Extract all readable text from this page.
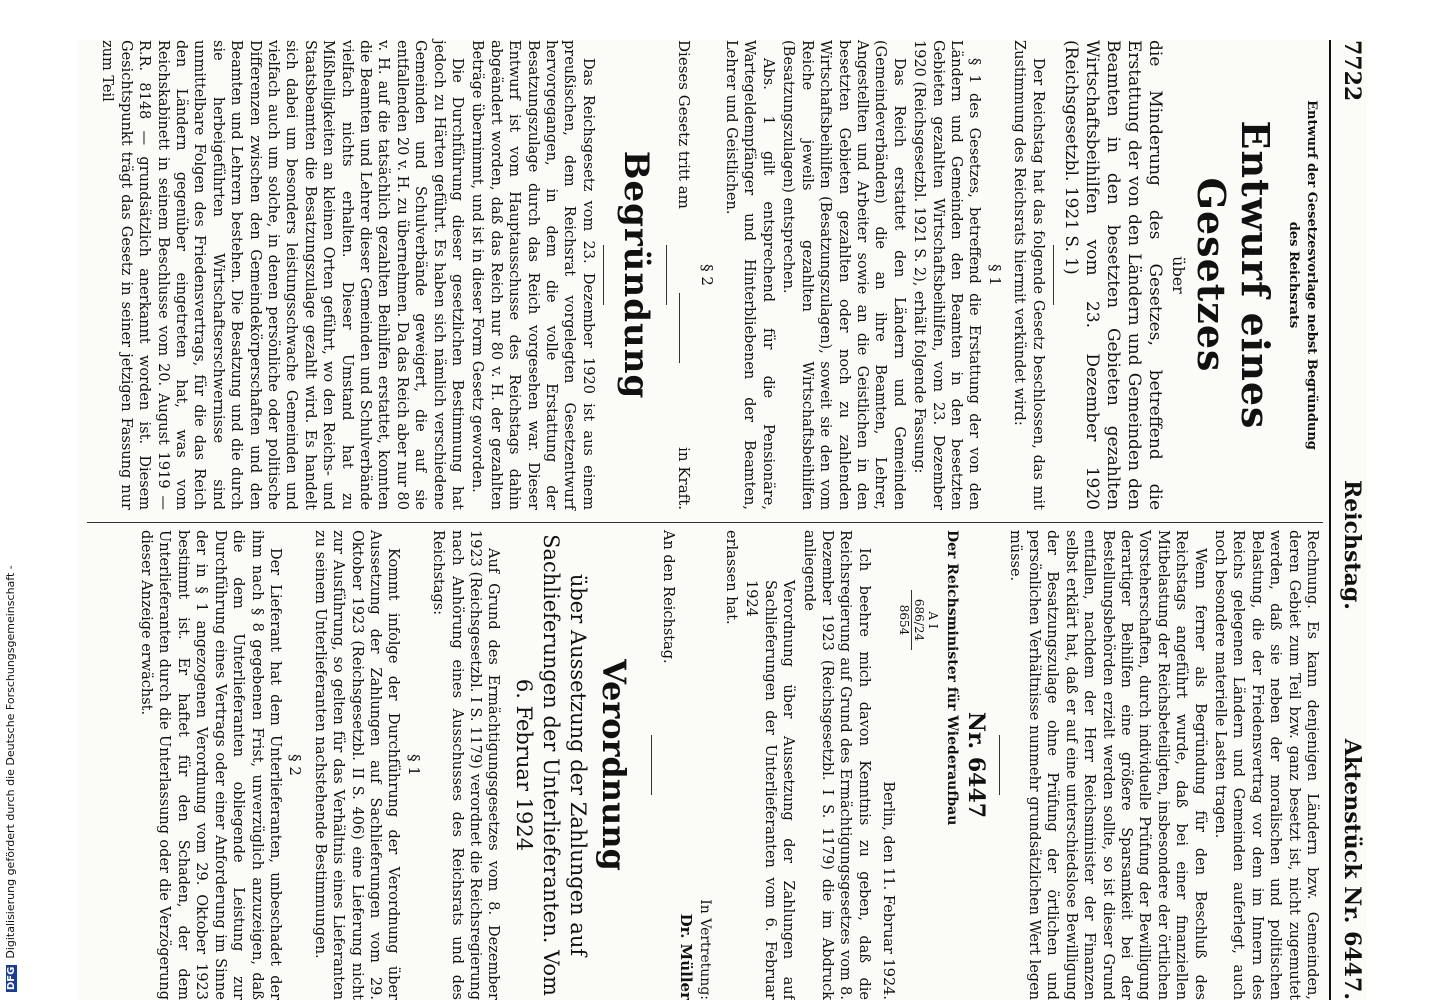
7722
Reichstag.
Aktenstück Nr. 6447.
Entwurf der Gesetzesvorlage nebst Begründung
des Reichsrats
Entwurf eines Gesetzes
über
die Minderung des Gesetzes, betreffend die Erstattung der von den Ländern und Gemeinden den Beamten in den besetzten Gebieten gezahlten Wirtschaftsbeihilfen vom 23. Dezember 1920 (Reichsgesetzbl. 1921 S. 1)

Der Reichstag hat das folgende Gesetz beschlossen, das mit Zustimmung des Reichsrats hiermit verkündet wird:

§ 1

§ 1 des Gesetzes, betreffend die Erstattung der von den Ländern und Gemeinden den Beamten in den besetzten Gebieten gezahlten Wirtschaftsbeihilfen, vom 23. Dezember 1920 (Reichsgesetzbl. 1921 S. 2), erhält folgende Fassung:

Das Reich erstattet den Ländern und Gemeinden (Gemeindeverbänden) die an ihre Beamten, Lehrer, Angestellten und Arbeiter sowie an die Geistlichen in den besetzten Gebieten gezahlten oder noch zu zahlenden Wirtschaftsbeihilfen (Besatzungszulagen), soweit sie den vom Reiche jeweils gezahlten Wirtschaftsbeihilfen (Besatzungszulagen) entsprechen.

Abs. 1 gilt entsprechend für die Pensionäre, Wartegeldempfänger und Hinterbliebenen der Beamten, Lehrer und Geistlichen.

§ 2
Dieses Gesetz tritt am
in Kraft.
Begründung

Das Reichsgesetz vom 23. Dezember 1920 ist aus einem preußischen, dem Reichsrat vorgelegten Gesetzentwurf hervorgegangen, in dem die volle Erstattung der Besatzungszulage durch das Reich vorgesehen war. Dieser Entwurf ist vom Hauptausschusse des Reichstags dahin abgeändert worden, daß das Reich nur 80 v. H. der gezahlten Beträge übernimmt, und ist in dieser Form Gesetz geworden.

Die Durchführung dieser gesetzlichen Bestimmung hat jedoch zu Härten geführt. Es haben sich nämlich verschiedene Gemeinden und Schulverbände geweigert, die auf sie entfallenden 20 v. H. zu übernehmen. Da das Reich aber nur 80 v. H. auf die tatsächlich gezahlten Beihilfen erstattet, konnten die Beamten und Lehrer dieser Gemeinden und Schulverbände vielfach nichts erhalten. Dieser Umstand hat zu Mißhelligkeiten an kleinen Orten geführt, wo den Reichs- und Staatsbeamten die Besatzungszulage gezahlt wird. Es handelt sich dabei um besonders leistungsschwache Gemeinden und vielfach auch um solche, in denen persönliche oder politische Differenzen zwischen den Gemeindekörperschaften und den Beamten und Lehrern bestehen. Die Besatzung und die durch sie herbeigeführten Wirtschaftserschwernisse sind unmittelbare Folgen des Friedensvertrags, für die das Reich den Ländern gegenüber eingetreten hat, was vom Reichskabinett in seinem Beschlusse vom 20. August 1919 — R.R. 8148 — grundsätzlich anerkannt worden ist. Diesem Gesichtspunkt trägt das Gesetz in seiner jetzigen Fassung nur zum Teil

Rechnung. Es kann denjenigen Ländern bzw. Gemeinden, deren Gebiet zum Teil bzw. ganz besetzt ist, nicht zugemutet werden, daß sie neben der moralischen und politischen Belastung, die der Friedensvertrag vor dem im Innern des Reichs gelegenen Ländern und Gemeinden auferlegt, auch noch besondere materielle Lasten tragen.

Wenn ferner als Begründung für den Beschluß des Reichstags angeführt wurde, daß bei einer finanziellen Mitbelastung der Reichsbeteiligten, insbesondere der örtlichen Vorsteherschaften, durch individuelle Prüfung der Bewilligung derartiger Beihilfen eine größere Sparsamkeit bei der Bestellungsbehörden erzielt werden sollte, so ist dieser Grund entfallen, nachdem der Herr Reichsminister der Finanzen selbst erklärt hat, daß er auf eine unterschiedslose Bewilligung der Besatzungszulage ohne Prüfung der örtlichen und persönlichen Verhältnisse nunmehr grundsätzlichen Wert legen müsse.

Nr. 6447
Der Reichsminister für Wiederaufbau
A I 686/24
8654
Berlin, den 11. Februar 1924.

Ich beehre mich davon Kenntnis zu geben, daß die Reichsregierung auf Grund des Ermächtigungsgesetzes vom 8. Dezember 1923 (Reichsgesetzbl. I S. 1179) die im Abdruck anliegende

Verordnung über Aussetzung der Zahlungen auf Sachlieferungen der Unterlieferanten vom 6. Februar 1924

erlassen hat.

In Vertretung:
Dr. Müller

An den Reichstag.

Verordnung
über Aussetzung der Zahlungen auf Sachlieferungen der Unterlieferanten. Vom 6. Februar 1924

Auf Grund des Ermächtigungsgesetzes vom 8. Dezember 1923 (Reichsgesetzbl. I S. 1179) verordnet die Reichsregierung nach Anhörung eines Ausschusses des Reichsrats und des Reichstags:

§ 1

Kommt infolge der Durchführung der Verordnung über Aussetzung der Zahlungen auf Sachlieferungen vom 29. Oktober 1923 (Reichsgesetzbl. II S. 406) eine Lieferung nicht zur Ausführung, so gelten für das Verhältnis eines Lieferanten zu seinem Unterlieferanten nachstehende Bestimmungen.

§ 2

Der Lieferant hat dem Unterlieferanten, unbeschadet der ihm nach § 8 gegebenen Frist, unverzüglich anzuzeigen, daß die dem Unterlieferanten obliegende Leistung zur Durchführung eines Vertrags oder einer Anforderung im Sinne der in § 1 angezogenen Verordnung vom 29. Oktober 1923 bestimmt ist. Er haftet für den Schaden, der dem Unterlieferanten durch die Unterlassung oder die Verzögerung dieser Anzeige erwächst.

DFGDigitalisierung gefördert durch die Deutsche Forschungsgemeinschaft -
